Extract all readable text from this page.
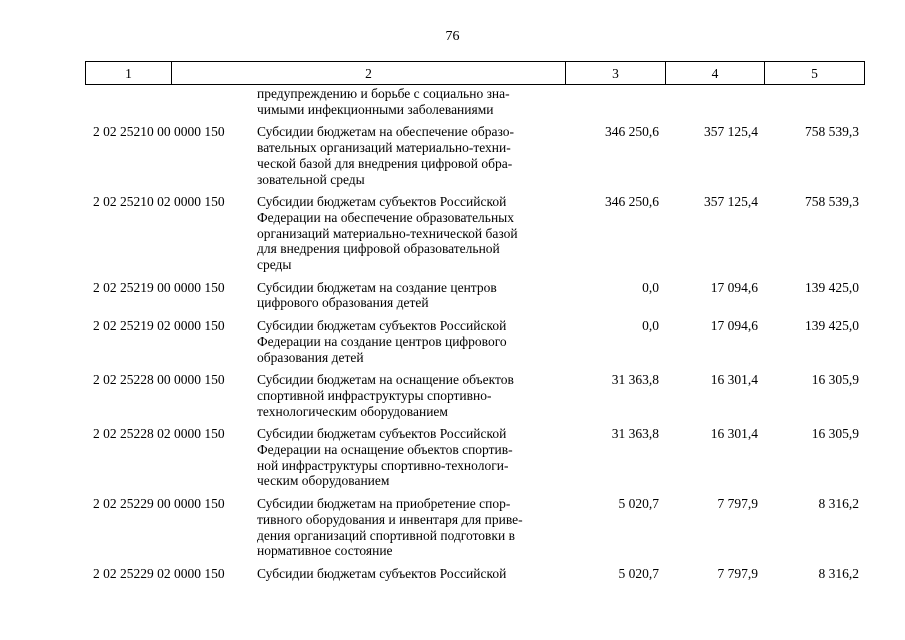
76
1	2	3	4	5
предупреждению и борьбе с социально зна-
чимыми инфекционными заболеваниями
2 02 25210 00 0000 150 Субсидии бюджетам на обеспечение образо-
вательных организаций материально-техни-
ческой базой для внедрения цифровой обра-
зовательной среды
346 250,6	357 125,4	758 539,3
2 02 25210 02 0000 150 Субсидии бюджетам субъектов Российской
Федерации на обеспечение образовательных
организаций материально-технической базой
для внедрения цифровой образовательной
среды
346 250,6	357 125,4	758 539,3
2 02 25219 00 0000 150 Субсидии бюджетам на создание центров
цифрового образования детей
0,0	17 094,6	139 425,0
2 02 25219 02 0000 150 Субсидии бюджетам субъектов Российской
Федерации на создание центров цифрового
образования детей
0,0	17 094,6	139 425,0
2 02 25228 00 0000 150 Субсидии бюджетам на оснащение объектов
спортивной инфраструктуры спортивно-
технологическим оборудованием
31 363,8	16 301,4	16 305,9
2 02 25228 02 0000 150 Субсидии бюджетам субъектов Российской
Федерации на оснащение объектов спортив-
ной инфраструктуры спортивно-технологи-
ческим оборудованием
31 363,8	16 301,4	16 305,9
2 02 25229 00 0000 150 Субсидии бюджетам на приобретение спор-
тивного оборудования и инвентаря для приве-
дения организаций спортивной подготовки в
нормативное состояние
5 020,7	7 797,9	8 316,2
2 02 25229 02 0000 150 Субсидии бюджетам субъектов Российской	5 020,7	7 797,9	8 316,2
